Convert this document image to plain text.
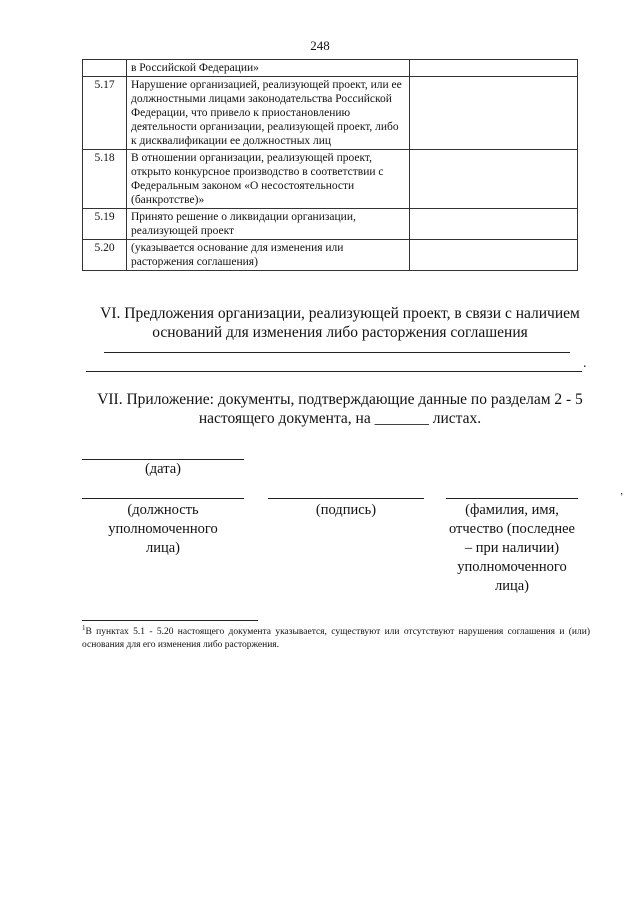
248
	в Российской Федерации»	
5.17	Нарушение организацией, реализующей проект, или ее должностными лицами законодательства Российской Федерации, что привело к приостановлению деятельности организации, реализующей проект, либо к дисквалификации ее должностных лиц	
5.18	В отношении организации, реализующей проект, открыто конкурсное производство в соответствии с Федеральным законом «О несостоятельности (банкротстве)»	
5.19	Принято решение о ликвидации организации, реализующей проект	
5.20	(указывается основание для изменения или расторжения соглашения)	
VI. Предложения организации, реализующей проект, в связи с наличием оснований для изменения либо расторжения соглашения
.
VII. Приложение: документы, подтверждающие данные по разделам 2 - 5 настоящего документа, на _______ листах.
(дата)
(должность уполномоченного лица)
(подпись)	(фамилия, имя, отчество (последнее – при наличии) уполномоченного лица)
ʼ
$^1$В пунктах 5.1 - 5.20 настоящего документа указывается, существуют или отсутствуют нарушения соглашения и (или) основания для его изменения либо расторжения.
